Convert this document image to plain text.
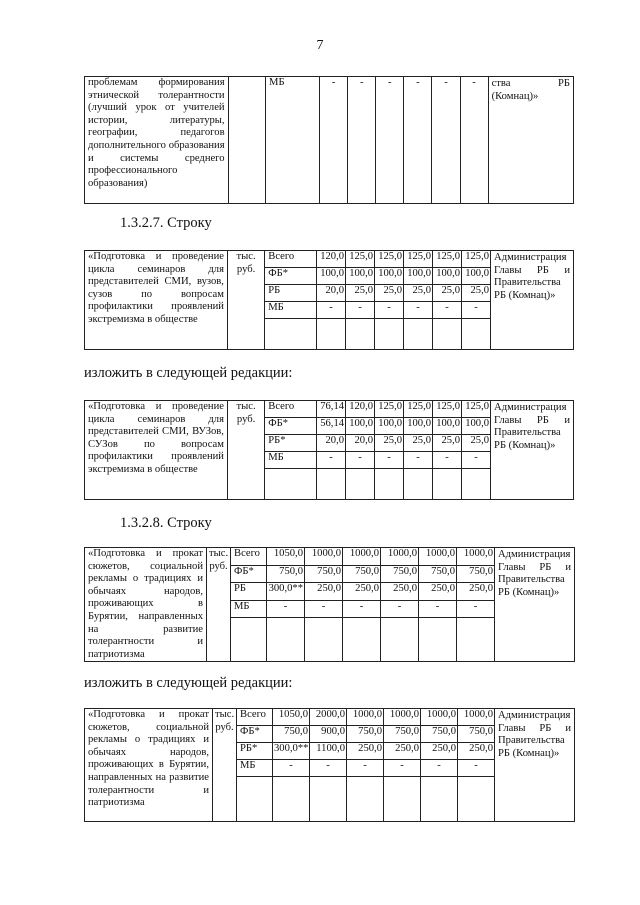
7
проблемам формирования этнической толерантности (лучший урок от учителей истории, литературы, географии, педагогов дополнительного образования и системы среднего профессионального образования)		МБ	-	-	-	-	-	-	ства РБ (Комнац)»
1.3.2.7. Строку
«Подготовка и проведение цикла семинаров для представителей СМИ, вузов, сузов по вопросам профилактики проявлений экстремизма в обществе	тыс. руб.	Всего	120,0	125,0	125,0	125,0	125,0	125,0	Администрация Главы РБ и Правительства РБ (Комнац)»
		ФБ*	100,0	100,0	100,0	100,0	100,0	100,0	
		РБ	20,0	25,0	25,0	25,0	25,0	25,0	
		МБ	-	-	-	-	-	-	

изложить в следующей редакции:
«Подготовка и проведение цикла семинаров для представителей СМИ, ВУЗов, СУЗов по вопросам профилактики проявлений экстремизма в обществе	тыс. руб.	Всего	76,14	120,0	125,0	125,0	125,0	125,0	Администрация Главы РБ и Правительства РБ (Комнац)»
		ФБ*	56,14	100,0	100,0	100,0	100,0	100,0	
		РБ*	20,0	20,0	25,0	25,0	25,0	25,0	
		МБ	-	-	-	-	-	-	

1.3.2.8. Строку
«Подготовка и прокат сюжетов, социальной рекламы о традициях и обычаях народов, проживающих в Бурятии, направленных на развитие толерантности и патриотизма	тыс. руб.	Всего	1050,0	1000,0	1000,0	1000,0	1000,0	1000,0	Администрация Главы РБ и Правительства РБ (Комнац)»
		ФБ*	750,0	750,0	750,0	750,0	750,0	750,0	
		РБ	300,0**	250,0	250,0	250,0	250,0	250,0	
		МБ	-	-	-	-	-	-	

изложить в следующей редакции:
«Подготовка и прокат сюжетов, социальной рекламы о традициях и обычаях народов, проживающих в Бурятии, направленных на развитие толерантности и патриотизма	тыс. руб.	Всего	1050,0	2000,0	1000,0	1000,0	1000,0	1000,0	Администрация Главы РБ и Правительства РБ (Комнац)»
		ФБ*	750,0	900,0	750,0	750,0	750,0	750,0	
		РБ*	300,0**	1100,0	250,0	250,0	250,0	250,0	
		МБ	-	-	-	-	-	-	
